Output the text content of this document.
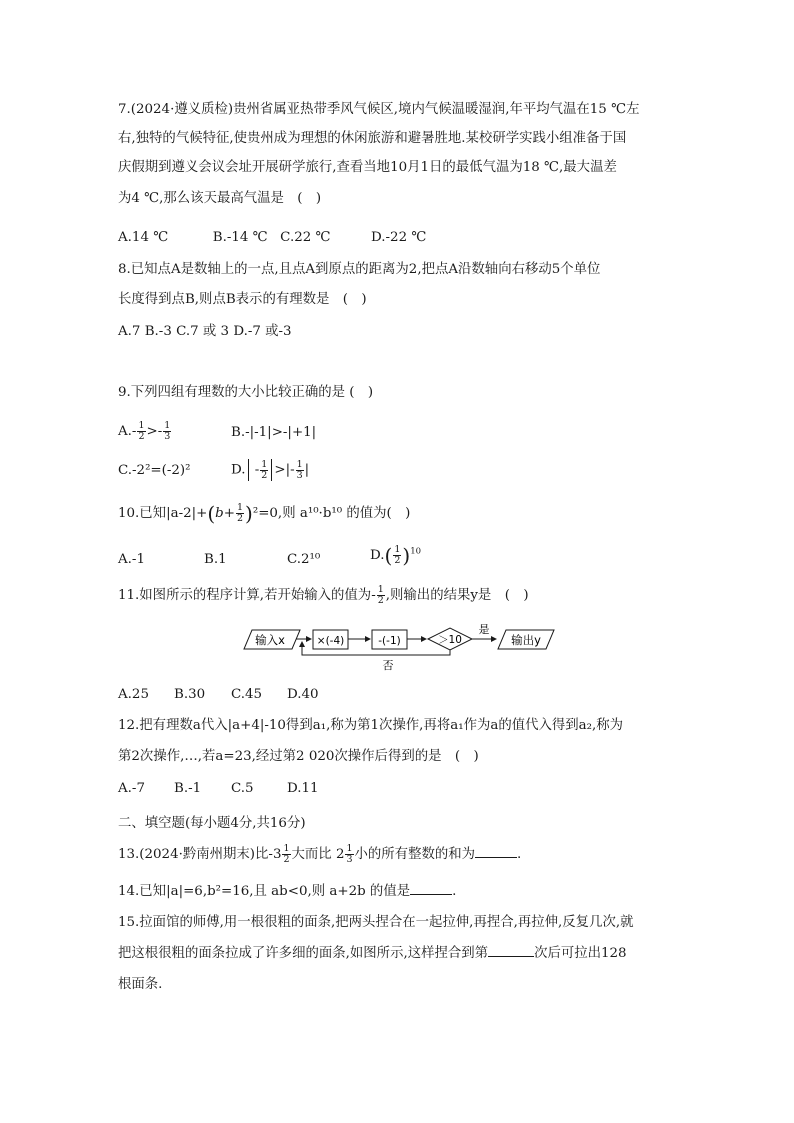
7.(2024·遵义质检)贵州省属亚热带季风气候区,境内气候温暖湿润,年平均气温在15 ℃左
右,独特的气候特征,使贵州成为理想的休闲旅游和避暑胜地.某校研学实践小组准备于国
庆假期到遵义会议会址开展研学旅行,查看当地10月1日的最低气温为18 ℃,最大温差
为4 ℃,那么该天最高气温是　(　)
A.14 ℃	B.-14 ℃ C.22 ℃	D.-22 ℃
8.已知点A是数轴上的一点,且点A到原点的距离为2,把点A沿数轴向右移动5个单位
长度得到点B,则点B表示的有理数是　(　)
A.7 B.-3 C.7 或 3 D.-7 或-3
9.下列四组有理数的大小比较正确的是 (　)
$A.- \frac{1}{2} >- \frac{1}{3}$	B.-|-1|>-|+1|
C.-2²=(-2)²	D. - $\frac{1}{2}$ >|- $\frac{1}{3}$ |
10.已知$|a-2|+(b+ \frac{1}{2} )^2=0$,则 a¹⁰·b¹⁰ 的值为(　)
A.-1	B.1	C.2¹⁰	$D.( \frac{1}{2} )^{10}$
11.如图所示的程序计算,若开始输入的值为- $\frac{1}{2}$ ,则输出的结果y是　(　)
输入x	×(-4)	-(-1)	＞10
是
输出y
否
A.25 B.30 C.45 D.40
12.把有理数a代入|a+4|-10得到a₁,称为第1次操作,再将a₁作为a的值代入得到a₂,称为
第2次操作,…,若a=23,经过第2 020次操作后得到的是　(　)
A.-7 B.-1 C.5 D.11
二、填空题(每小题4分,共16分)
13.(2024·黔南州期末)比$-3 \frac{1}{2}$ 大而比 $2 \frac{1}{3}$ 小的所有整数的和为	.
14.已知|a|=6,b²=16,且 ab<0,则 a+2b 的值是	.
15.拉面馆的师傅,用一根很粗的面条,把两头捏合在一起拉伸,再捏合,再拉伸,反复几次,就
把这根很粗的面条拉成了许多细的面条,如图所示,这样捏合到第	次后可拉出128
根面条.
